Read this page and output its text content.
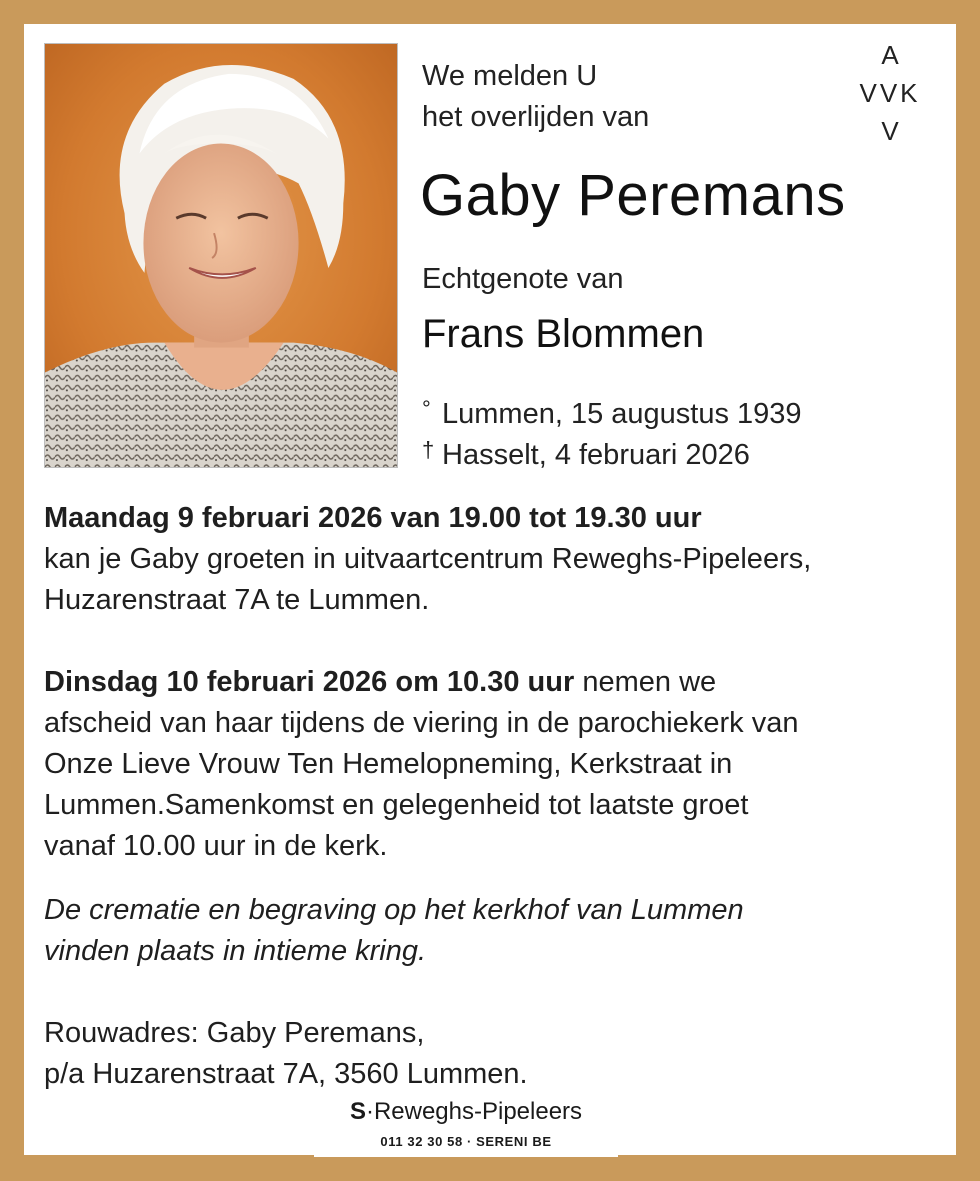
We melden U
het overlijden van
A
VVK
V
Gaby Peremans
Echtgenote van
Frans Blommen
° Lummen, 15 augustus 1939
† Hasselt, 4 februari 2026

Maandag 9 februari 2026 van 19.00 tot 19.30 uur
kan je Gaby groeten in uitvaartcentrum Reweghs-Pipeleers,
Huzarenstraat 7A te Lummen.

Dinsdag 10 februari 2026 om 10.30 uur nemen we
afscheid van haar tijdens de viering in de parochiekerk van
Onze Lieve Vrouw Ten Hemelopneming, Kerkstraat in
Lummen.Samenkomst en gelegenheid tot laatste groet
vanaf 10.00 uur in de kerk.

De crematie en begraving op het kerkhof van Lummen
vinden plaats in intieme kring.

Rouwadres: Gaby Peremans,
p/a Huzarenstraat 7A, 3560 Lummen.

S·Reweghs-Pipeleers
011 32 30 58 · SERENI BE
